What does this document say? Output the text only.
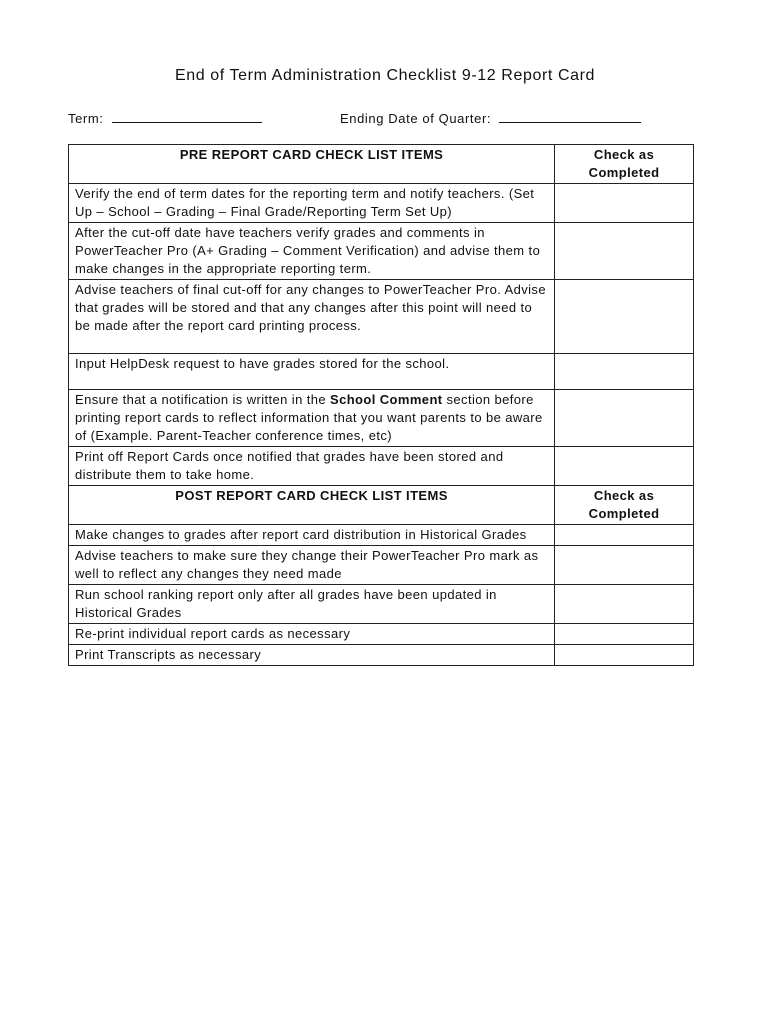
End of Term Administration Checklist 9-12 Report Card
Term:	Ending Date of Quarter:
PRE REPORT CARD CHECK LIST ITEMS	Check as Completed
Verify the end of term dates for the reporting term and notify teachers. (Set Up – School – Grading – Final Grade/Reporting Term Set Up)	
After the cut-off date have teachers verify grades and comments in PowerTeacher Pro (A+ Grading – Comment Verification) and advise them to make changes in the appropriate reporting term.	
Advise teachers of final cut-off for any changes to PowerTeacher Pro. Advise that grades will be stored and that any changes after this point will need to be made after the report card printing process.	
Input HelpDesk request to have grades stored for the school.	
Ensure that a notification is written in the School Comment section before printing report cards to reflect information that you want parents to be aware of (Example. Parent-Teacher conference times, etc)	
Print off Report Cards once notified that grades have been stored and distribute them to take home.	
POST REPORT CARD CHECK LIST ITEMS	Check as Completed
Make changes to grades after report card distribution in Historical Grades	
Advise teachers to make sure they change their PowerTeacher Pro mark as well to reflect any changes they need made	
Run school ranking report only after all grades have been updated in Historical Grades	
Re-print individual report cards as necessary	
Print Transcripts as necessary	
